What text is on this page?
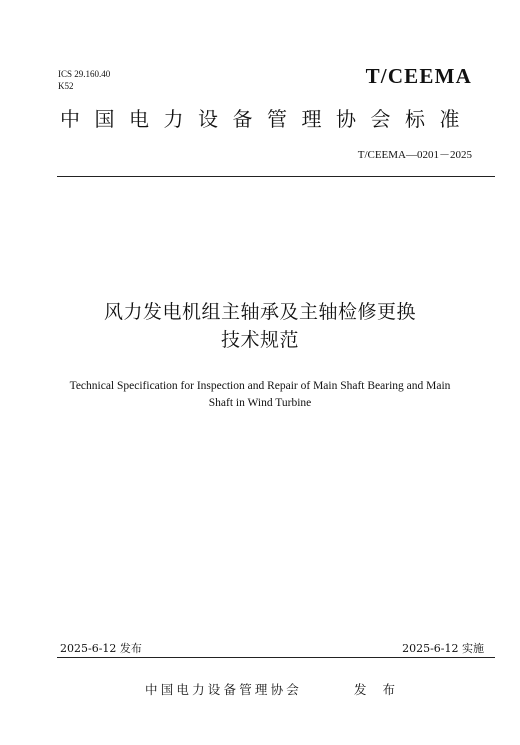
ICS 29.160.40
K52	T/CEEMA
中国电力设备管理协会标准
T/CEEMA—0201－2025
风力发电机组主轴承及主轴检修更换
技术规范
Technical Specification for Inspection and Repair of Main Shaft Bearing and Main
Shaft in Wind Turbine
2025-6-12 发布	2025-6-12 实施
中国电力设备管理协会	发 布
